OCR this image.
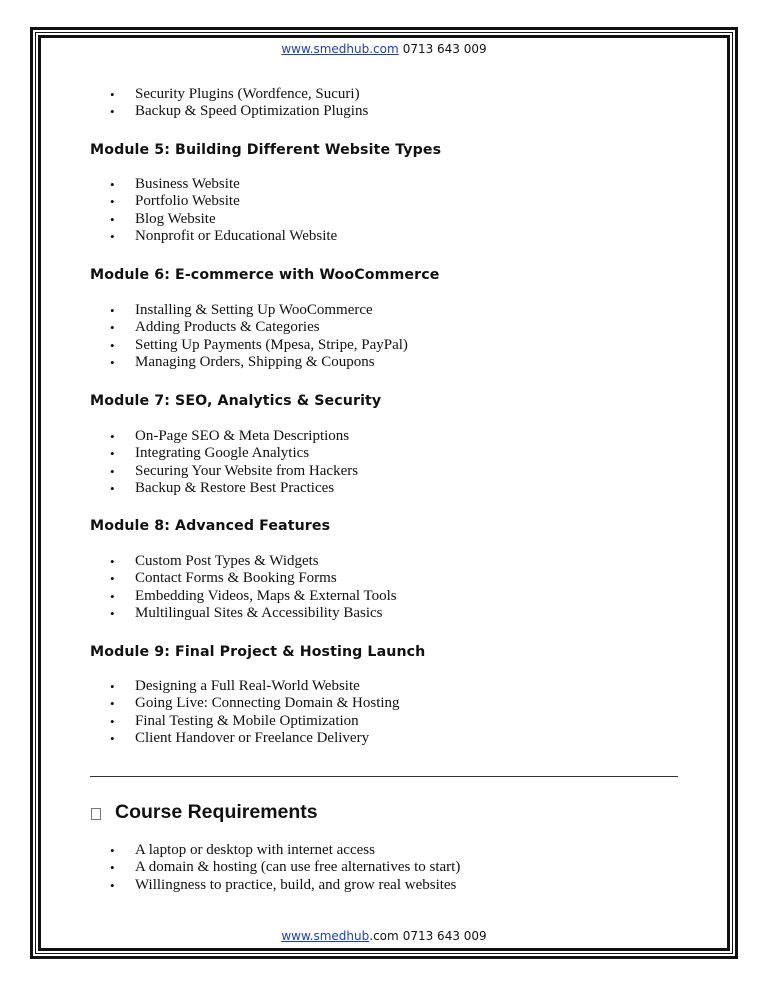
www.smedhub.com 0713 643 009
• Security Plugins (Wordfence, Sucuri)
• Backup & Speed Optimization Plugins
Module 5: Building Different Website Types
• Business Website
• Portfolio Website
• Blog Website
• Nonprofit or Educational Website
Module 6: E-commerce with WooCommerce
• Installing & Setting Up WooCommerce
• Adding Products & Categories
• Setting Up Payments (Mpesa, Stripe, PayPal)
• Managing Orders, Shipping & Coupons
Module 7: SEO, Analytics & Security
• On-Page SEO & Meta Descriptions
• Integrating Google Analytics
• Securing Your Website from Hackers
• Backup & Restore Best Practices
Module 8: Advanced Features
• Custom Post Types & Widgets
• Contact Forms & Booking Forms
• Embedding Videos, Maps & External Tools
• Multilingual Sites & Accessibility Basics
Module 9: Final Project & Hosting Launch
• Designing a Full Real-World Website
• Going Live: Connecting Domain & Hosting
• Final Testing & Mobile Optimization
• Client Handover or Freelance Delivery
Course Requirements
• A laptop or desktop with internet access
• A domain & hosting (can use free alternatives to start)
• Willingness to practice, build, and grow real websites
www.smedhub.com 0713 643 009
